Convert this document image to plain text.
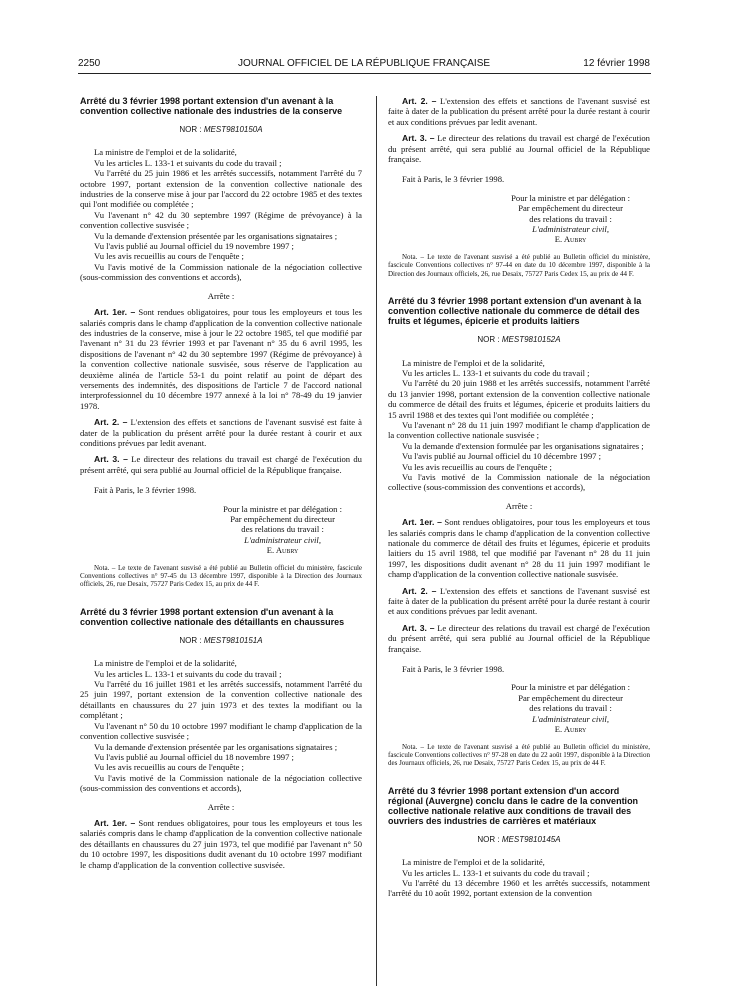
2250	JOURNAL OFFICIEL DE LA RÉPUBLIQUE FRANÇAISE	12 février 1998
Arrêté du 3 février 1998 portant extension d'un avenant à la convention collective nationale des industries de la conserve
NOR : MEST9810150A

La ministre de l'emploi et de la solidarité,

Vu les articles L. 133-1 et suivants du code du travail ;

Vu l'arrêté du 25 juin 1986 et les arrêtés successifs, notamment l'arrêté du 7 octobre 1997, portant extension de la convention collective nationale des industries de la conserve mise à jour par l'accord du 22 octobre 1985 et des textes qui l'ont modifiée ou complétée ;

Vu l'avenant n° 42 du 30 septembre 1997 (Régime de prévoyance) à la convention collective susvisée ;

Vu la demande d'extension présentée par les organisations signataires ;

Vu l'avis publié au Journal officiel du 19 novembre 1997 ;

Vu les avis recueillis au cours de l'enquête ;

Vu l'avis motivé de la Commission nationale de la négociation collective (sous-commission des conventions et accords),

Arrête :

Art. 1er. – Sont rendues obligatoires, pour tous les employeurs et tous les salariés compris dans le champ d'application de la convention collective nationale des industries de la conserve, mise à jour le 22 octobre 1985, tel que modifié par l'avenant n° 31 du 23 février 1993 et par l'avenant n° 35 du 6 avril 1995, les dispositions de l'avenant n° 42 du 30 septembre 1997 (Régime de prévoyance) à la convention collective nationale susvisée, sous réserve de l'application au deuxième alinéa de l'article 53-1 du point relatif au point de départ des versements des indemnités, des dispositions de l'article 7 de l'accord national interprofessionnel du 10 décembre 1977 annexé à la loi n° 78-49 du 19 janvier 1978.

Art. 2. – L'extension des effets et sanctions de l'avenant susvisé est faite à dater de la publication du présent arrêté pour la durée restant à courir et aux conditions prévues par ledit avenant.

Art. 3. – Le directeur des relations du travail est chargé de l'exécution du présent arrêté, qui sera publié au Journal officiel de la République française.

Fait à Paris, le 3 février 1998.

Pour la ministre et par délégation :
Par empêchement du directeur
des relations du travail :
L'administrateur civil,
E. Aubry
Nota. – Le texte de l'avenant susvisé a été publié au Bulletin officiel du ministère, fascicule Conventions collectives n° 97-45 du 13 décembre 1997, disponible à la Direction des Journaux officiels, 26, rue Desaix, 75727 Paris Cedex 15, au prix de 44 F.
Arrêté du 3 février 1998 portant extension d'un avenant à la convention collective nationale des détaillants en chaussures
NOR : MEST9810151A

La ministre de l'emploi et de la solidarité,

Vu les articles L. 133-1 et suivants du code du travail ;

Vu l'arrêté du 16 juillet 1981 et les arrêtés successifs, notamment l'arrêté du 25 juin 1997, portant extension de la convention collective nationale des détaillants en chaussures du 27 juin 1973 et des textes la modifiant ou la complétant ;

Vu l'avenant n° 50 du 10 octobre 1997 modifiant le champ d'application de la convention collective susvisée ;

Vu la demande d'extension présentée par les organisations signataires ;

Vu l'avis publié au Journal officiel du 18 novembre 1997 ;

Vu les avis recueillis au cours de l'enquête ;

Vu l'avis motivé de la Commission nationale de la négociation collective (sous-commission des conventions et accords),

Arrête :

Art. 1er. – Sont rendues obligatoires, pour tous les employeurs et tous les salariés compris dans le champ d'application de la convention collective nationale des détaillants en chaussures du 27 juin 1973, tel que modifié par l'avenant n° 50 du 10 octobre 1997, les dispositions dudit avenant du 10 octobre 1997 modifiant le champ d'application de la convention collective susvisée.

Art. 2. – L'extension des effets et sanctions de l'avenant susvisé est faite à dater de la publication du présent arrêté pour la durée restant à courir et aux conditions prévues par ledit avenant.

Art. 3. – Le directeur des relations du travail est chargé de l'exécution du présent arrêté, qui sera publié au Journal officiel de la République française.

Fait à Paris, le 3 février 1998.

Pour la ministre et par délégation :
Par empêchement du directeur
des relations du travail :
L'administrateur civil,
E. Aubry
Nota. – Le texte de l'avenant susvisé a été publié au Bulletin officiel du ministère, fascicule Conventions collectives n° 97-44 en date du 10 décembre 1997, disponible à la Direction des Journaux officiels, 26, rue Desaix, 75727 Paris Cedex 15, au prix de 44 F.
Arrêté du 3 février 1998 portant extension d'un avenant à la convention collective nationale du commerce de détail des fruits et légumes, épicerie et produits laitiers
NOR : MEST9810152A

La ministre de l'emploi et de la solidarité,

Vu les articles L. 133-1 et suivants du code du travail ;

Vu l'arrêté du 20 juin 1988 et les arrêtés successifs, notamment l'arrêté du 13 janvier 1998, portant extension de la convention collective nationale du commerce de détail des fruits et légumes, épicerie et produits laitiers du 15 avril 1988 et des textes qui l'ont modifiée ou complétée ;

Vu l'avenant n° 28 du 11 juin 1997 modifiant le champ d'application de la convention collective nationale susvisée ;

Vu la demande d'extension formulée par les organisations signataires ;

Vu l'avis publié au Journal officiel du 10 décembre 1997 ;

Vu les avis recueillis au cours de l'enquête ;

Vu l'avis motivé de la Commission nationale de la négociation collective (sous-commission des conventions et accords),

Arrête :

Art. 1er. – Sont rendues obligatoires, pour tous les employeurs et tous les salariés compris dans le champ d'application de la convention collective nationale du commerce de détail des fruits et légumes, épicerie et produits laitiers du 15 avril 1988, tel que modifié par l'avenant n° 28 du 11 juin 1997, les dispositions dudit avenant n° 28 du 11 juin 1997 modifiant le champ d'application de la convention collective nationale susvisée.

Art. 2. – L'extension des effets et sanctions de l'avenant susvisé est faite à dater de la publication du présent arrêté pour la durée restant à courir et aux conditions prévues par ledit avenant.

Art. 3. – Le directeur des relations du travail est chargé de l'exécution du présent arrêté, qui sera publié au Journal officiel de la République française.

Fait à Paris, le 3 février 1998.

Pour la ministre et par délégation :
Par empêchement du directeur
des relations du travail :
L'administrateur civil,
E. Aubry
Nota. – Le texte de l'avenant susvisé a été publié au Bulletin officiel du ministère, fascicule Conventions collectives n° 97-28 en date du 22 août 1997, disponible à la Direction des Journaux officiels, 26, rue Desaix, 75727 Paris Cedex 15, au prix de 44 F.
Arrêté du 3 février 1998 portant extension d'un accord régional (Auvergne) conclu dans le cadre de la convention collective nationale relative aux conditions de travail des ouvriers des industries de carrières et matériaux
NOR : MEST9810145A

La ministre de l'emploi et de la solidarité,

Vu les articles L. 133-1 et suivants du code du travail ;

Vu l'arrêté du 13 décembre 1960 et les arrêtés successifs, notamment l'arrêté du 10 août 1992, portant extension de la convention
